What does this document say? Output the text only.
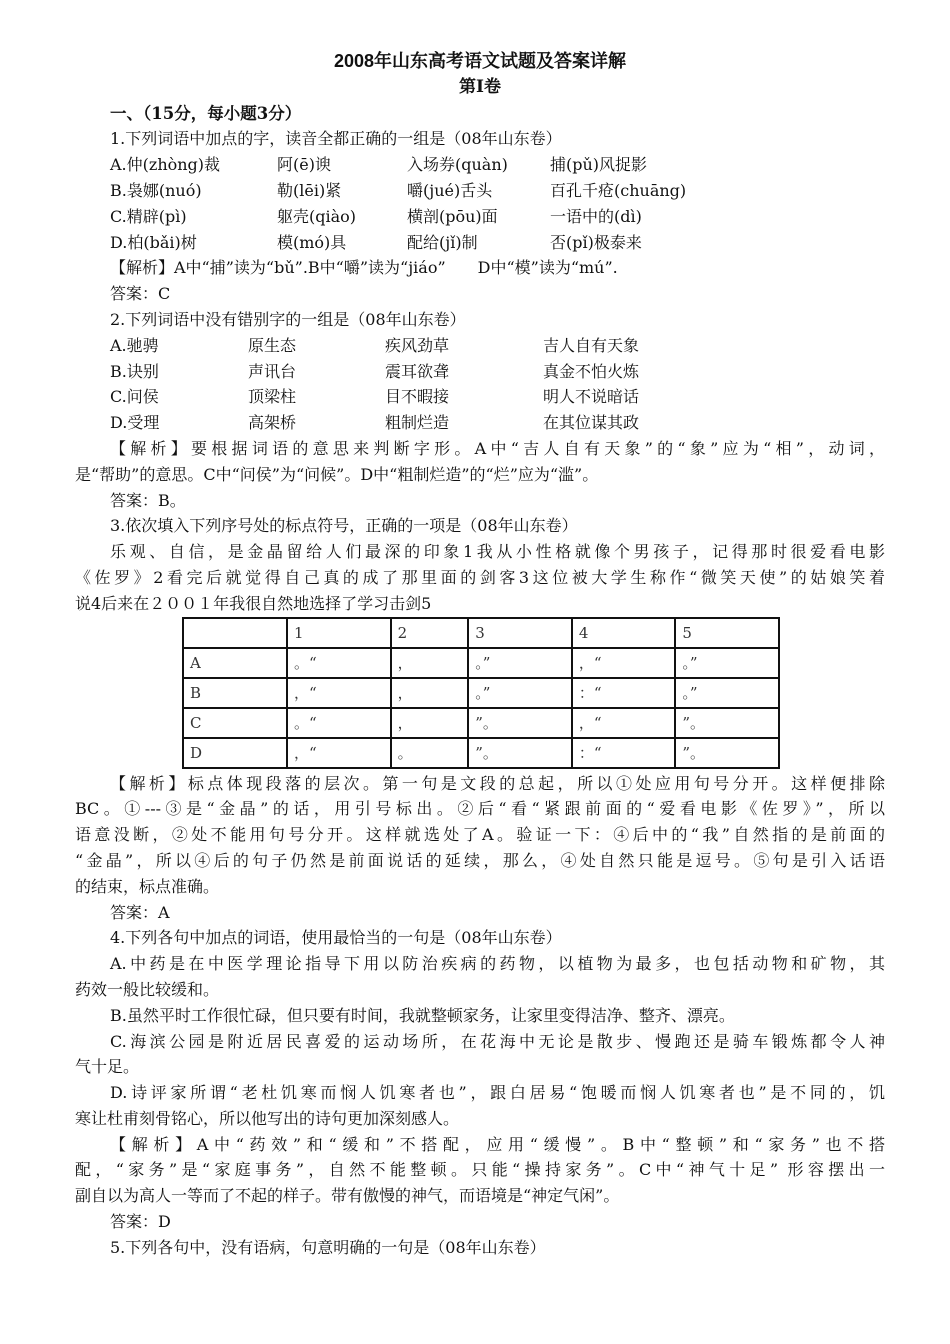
2008年山东高考语文试题及答案详解
第Ⅰ卷
一、（15分，每小题3分）
1.下列词语中加点的字，读音全都正确的一组是（08年山东卷）
A.仲(zhòng)裁	阿(ē)谀	入场券(quàn)	捕(pǔ)风捉影
B.袅娜(nuó)	勒(lēi)紧	嚼(jué)舌头	百孔千疮(chuāng)
C.精辟(pì)	躯壳(qiào)	横剖(pōu)面	一语中的(dì)
D.柏(bǎi)树	模(mó)具	配给(jǐ)制	否(pǐ)极泰来
【解析】A中“捕”读为“bǔ”.B中“嚼”读为“jiáo”　　D中“模”读为“mú”.
答案：C
2.下列词语中没有错别字的一组是（08年山东卷）
A.驰骋	原生态	疾风劲草	吉人自有天象
B.诀别	声讯台	震耳欲聋	真金不怕火炼
C.问侯	顶梁柱	目不暇接	明人不说暗话
D.受理	高架桥	粗制烂造	在其位谋其政
【解析】要根据词语的意思来判断字形。A中“吉人自有天象”的“象”应为“相”，动词，
是“帮助”的意思。C中“问侯”为“问候”。D中“粗制烂造”的“烂”应为“滥”。
答案：B。
3.依次填入下列序号处的标点符号，正确的一项是（08年山东卷）
乐观、自信，是金晶留给人们最深的印象1我从小性格就像个男孩子，记得那时很爱看电影
《佐罗》2看完后就觉得自己真的成了那里面的剑客3这位被大学生称作“微笑天使”的姑娘笑着
说4后来在２００１年我很自然地选择了学习击剑5
	1	2	3	4	5
A	。“	，	。”	，“	。”
B	，“	，	。”	：“	。”
C	。“	，	”。	，“	”。
D	，“	。	”。	：“	”。
【解析】标点体现段落的层次。第一句是文段的总起，所以①处应用句号分开。这样便排除
BC。①---③是“金晶”的话，用引号标出。②后“看“紧跟前面的“爱看电影《佐罗》”，所以
语意没断，②处不能用句号分开。这样就选处了A。验证一下：④后中的“我”自然指的是前面的
“金晶”，所以④后的句子仍然是前面说话的延续，那么，④处自然只能是逗号。⑤句是引入话语
的结束，标点准确。
答案：A
4.下列各句中加点的词语，使用最恰当的一句是（08年山东卷）
A.中药是在中医学理论指导下用以防治疾病的药物，以植物为最多，也包括动物和矿物，其
药效一般比较缓和。
B.虽然平时工作很忙碌，但只要有时间，我就整顿家务，让家里变得洁净、整齐、漂亮。
C.海滨公园是附近居民喜爱的运动场所，在花海中无论是散步、慢跑还是骑车锻炼都令人神
气十足。
D.诗评家所谓“老杜饥寒而悯人饥寒者也”，跟白居易“饱暖而悯人饥寒者也”是不同的，饥
寒让杜甫刻骨铭心，所以他写出的诗句更加深刻感人。
【解析】A中“药效”和“缓和”不搭配，应用“缓慢”。B中“整顿”和“家务”也不搭
配，“家务”是“家庭事务”，自然不能整顿。只能“操持家务”。C中“神气十足” 形容摆出一
副自以为高人一等而了不起的样子。带有傲慢的神气，而语境是“神定气闲”。
答案：D
5.下列各句中，没有语病，句意明确的一句是（08年山东卷）
